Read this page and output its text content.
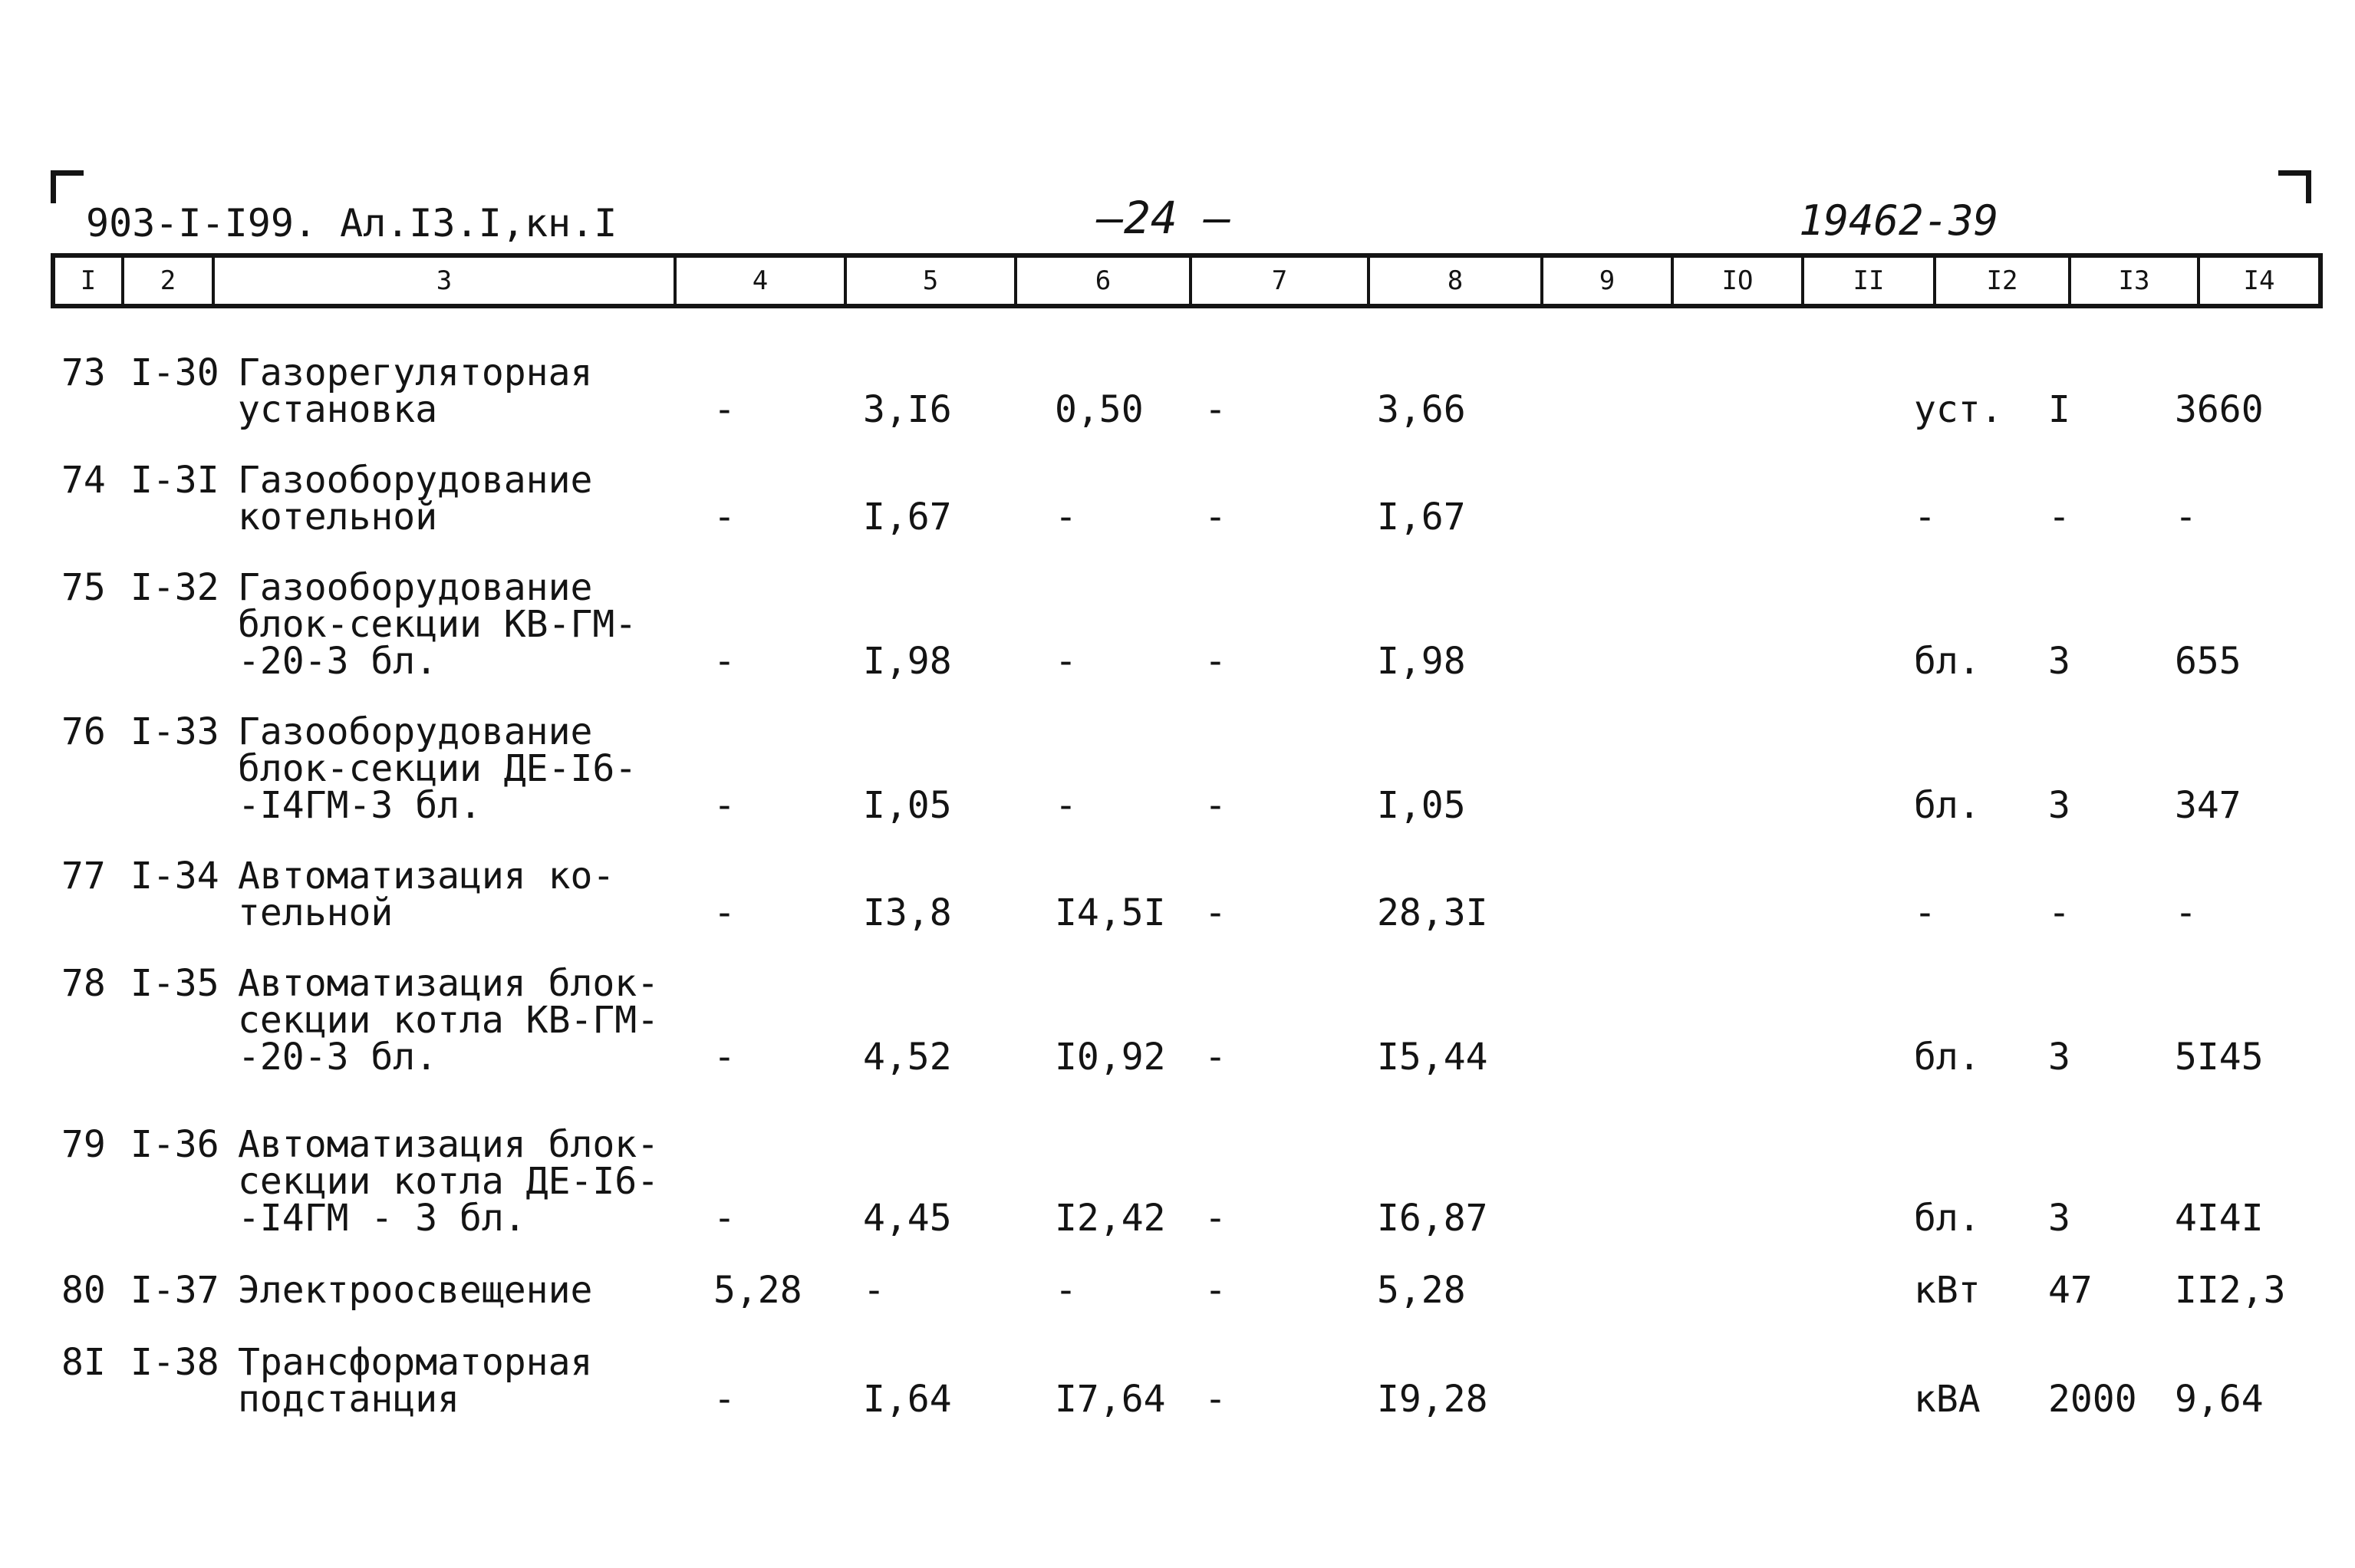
903-I-I99. Ал.I3.I,кн.I	—24 —	19462-39
I	2	3	4	5	6	7	8	9	IO	II	I2	I3	I4
73 I-30 Газорегуляторная
установка	-	3,I6	0,50 -	3,66	уст. I	3660
74 I-3I Газооборудование
котельной	-	I,67	-	-	I,67	-	-	-
75 I-32 Газооборудование
блок-секции КВ-ГМ-
-20-3 бл.	-	I,98	-	-	I,98	бл. 3	655
76 I-33 Газооборудование
блок-секции ДЕ-I6-
-I4ГМ-3 бл.	-	I,05	-	-	I,05	бл. 3	347
77 I-34 Автоматизация ко-
тельной	-	I3,8	I4,5I -	28,3I	-	-	-
78 I-35 Автоматизация блок-
секции котла КВ-ГМ-
-20-3 бл.	-	4,52	I0,92 -	I5,44	бл. 3	5I45
79 I-36 Автоматизация блок-
секции котла ДЕ-I6-
-I4ГМ - 3 бл.	-	4,45	I2,42 -	I6,87	бл. 3	4I4I
80 I-37 Электроосвещение	5,28 -	-	-	5,28	кВт 47 II2,3
8I I-38 Трансформаторная
подстанция	-	I,64	I7,64 -	I9,28	кВА 2000 9,64
